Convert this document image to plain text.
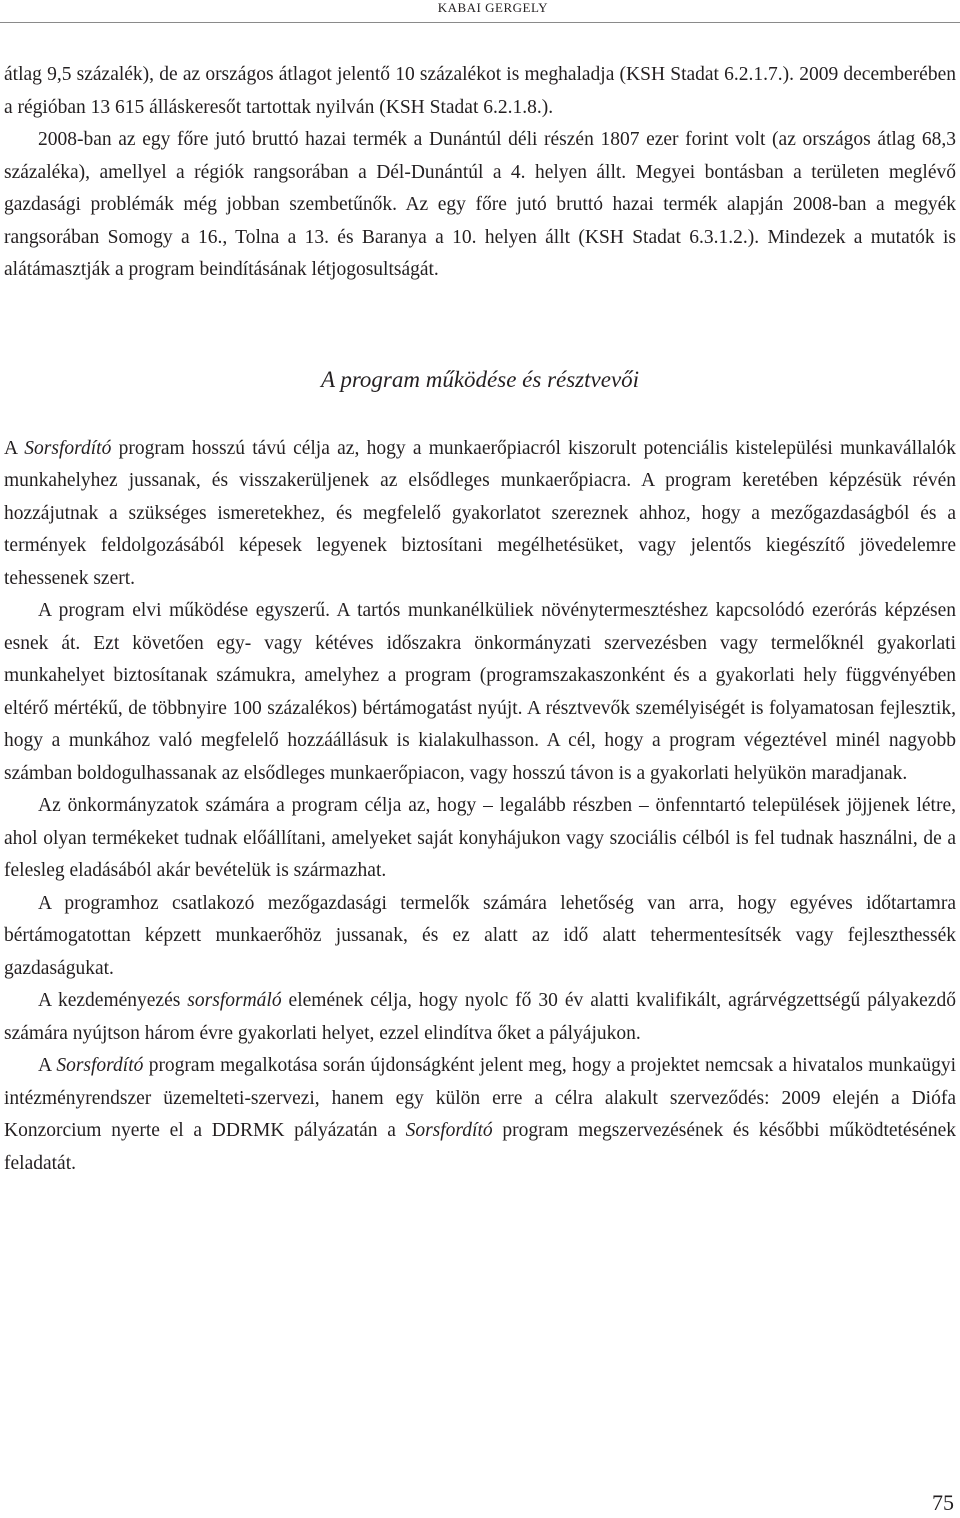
KABAI GERGELY

átlag 9,5 százalék), de az országos átlagot jelentő 10 százalékot is meghaladja (KSH Stadat 6.2.1.7.). 2009 decemberében a régióban 13 615 álláskeresőt tartottak nyilván (KSH Stadat 6.2.1.8.).

2008-ban az egy főre jutó bruttó hazai termék a Dunántúl déli részén 1807 ezer forint volt (az országos átlag 68,3 százaléka), amellyel a régiók rangsorában a Dél-Dunántúl a 4. helyen állt. Megyei bontásban a területen meglévő gazdasági problémák még jobban szembetűnők. Az egy főre jutó bruttó hazai termék alapján 2008-ban a megyék rangsorában Somogy a 16., Tolna a 13. és Baranya a 10. helyen állt (KSH Stadat 6.3.1.2.). Mindezek a mutatók is alátámasztják a program beindításának létjogosultságát.

A program működése és résztvevői

A Sorsfordító program hosszú távú célja az, hogy a munkaerőpiacról kiszorult potenciális kistelepülési munkavállalók munkahelyhez jussanak, és visszakerüljenek az elsődleges munkaerőpiacra. A program keretében képzésük révén hozzájutnak a szükséges ismeretekhez, és megfelelő gyakorlatot szereznek ahhoz, hogy a mezőgazdaságból és a termények feldolgozásából képesek legyenek biztosítani megélhetésüket, vagy jelentős kiegészítő jövedelemre tehessenek szert.

A program elvi működése egyszerű. A tartós munkanélküliek növénytermesztéshez kapcsolódó ezerórás képzésen esnek át. Ezt követően egy- vagy kétéves időszakra önkormányzati szervezésben vagy termelőknél gyakorlati munkahelyet biztosítanak számukra, amelyhez a program (programszakaszonként és a gyakorlati hely függvényében eltérő mértékű, de többnyire 100 százalékos) bértámogatást nyújt. A résztvevők személyiségét is folyamatosan fejlesztik, hogy a munkához való megfelelő hozzáállásuk is kialakulhasson. A cél, hogy a program végeztével minél nagyobb számban boldogulhassanak az elsődleges munkaerőpiacon, vagy hosszú távon is a gyakorlati helyükön maradjanak.

Az önkormányzatok számára a program célja az, hogy – legalább részben – önfenntartó települések jöjjenek létre, ahol olyan termékeket tudnak előállítani, amelyeket saját konyhájukon vagy szociális célból is fel tudnak használni, de a felesleg eladásából akár bevételük is származhat.

A programhoz csatlakozó mezőgazdasági termelők számára lehetőség van arra, hogy egyéves időtartamra bértámogatottan képzett munkaerőhöz jussanak, és ez alatt az idő alatt tehermentesítsék vagy fejleszthessék gazdaságukat.

A kezdeményezés sorsformáló elemének célja, hogy nyolc fő 30 év alatti kvalifikált, agrárvégzettségű pályakezdő számára nyújtson három évre gyakorlati helyet, ezzel elindítva őket a pályájukon.

A Sorsfordító program megalkotása során újdonságként jelent meg, hogy a projektet nemcsak a hivatalos munkaügyi intézményrendszer üzemelteti-szervezi, hanem egy külön erre a célra alakult szerveződés: 2009 elején a Diófa Konzorcium nyerte el a DDRMK pályázatán a Sorsfordító program megszervezésének és későbbi működtetésének feladatát.

75
